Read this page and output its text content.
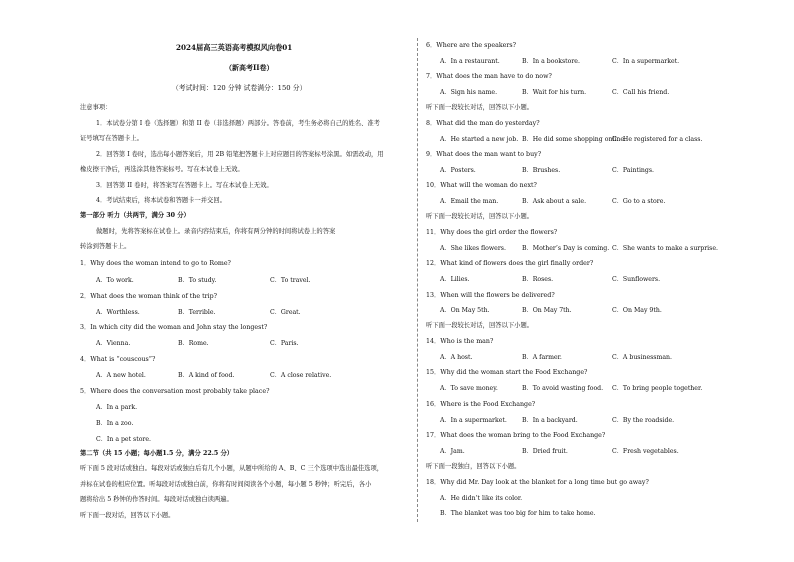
2024届高三英语高考模拟风向卷01
（新高考II卷）
（考试时间：120 分钟 试卷满分：150 分）
注意事项：
1．本试卷分第 I 卷（选择题）和第 II 卷（非选择题）两部分。答卷前，考生务必将自己的姓名、准考
证号填写在答题卡上。
2．回答第 I 卷时，选出每小题答案后，用 2B 铅笔把答题卡上对应题目的答案标号涂黑。如需改动，用
橡皮擦干净后，再选涂其他答案标号。写在本试卷上无效。
3．回答第 II 卷时，将答案写在答题卡上。写在本试卷上无效。
4．考试结束后，将本试卷和答题卡一并交回。
第一部分 听力（共两节，满分 30 分）
做题时，先将答案标在试卷上。录音内容结束后，你将有两分钟的时间将试卷上的答案
转涂到答题卡上。
1．Why does the woman intend to go to Rome?
A．To work.	B．To study.	C．To travel.
2．What does the woman think of the trip?
A．Worthless.	B．Terrible.	C．Great.
3．In which city did the woman and John stay the longest?
A．Vienna.	B．Rome.	C．Paris.
4．What is “couscous”?
A．A new hotel.	B．A kind of food.	C．A close relative.
5．Where does the conversation most probably take place?
A．In a park.
B．In a zoo.
C．In a pet store.
第二节（共 15 小题；每小题1.5 分，满分 22.5 分）
听下面 5 段对话或独白。每段对话或独白后有几个小题，从题中所给的 A、B、C 三个选项中选出最佳选项，
并标在试卷的相应位置。听每段对话或独白前，你将有时间阅读各个小题，每小题 5 秒钟；听完后，各小
题将给出 5 秒钟的作答时间。每段对话或独白读两遍。
听下面一段对话，回答以下小题。
6．Where are the speakers?
A．In a restaurant.	B．In a bookstore.	C．In a supermarket.
7．What does the man have to do now?
A．Sign his name.	B．Wait for his turn.	C．Call his friend.
听下面一段较长对话，回答以下小题。
8．What did the man do yesterday?
A．He started a new job. B．He did some shopping online.
C．He registered for a class.
9．What does the man want to buy?
A．Posters.	B．Brushes.	C．Paintings.
10．What will the woman do next?
A．Email the man.	B．Ask about a sale.	C．Go to a store.
听下面一段较长对话，回答以下小题。
11．Why does the girl order the flowers?
A．She likes flowers.	B．Mother’s Day is coming. C．She wants to make a surprise.
12．What kind of flowers does the girl finally order?
A．Lilies.	B．Roses.	C．Sunflowers.
13．When will the flowers be delivered?
A．On May 5th.	B．On May 7th.	C．On May 9th.
听下面一段较长对话，回答以下小题。
14．Who is the man?
A．A host.	B．A farmer.	C．A businessman.
15．Why did the woman start the Food Exchange?
A．To save money.	B．To avoid wasting food. C．To bring people together.
16．Where is the Food Exchange?
A．In a supermarket. B．In a backyard.	C．By the roadside.
17．What does the woman bring to the Food Exchange?
A．Jam.	B．Dried fruit.	C．Fresh vegetables.
听下面一段独白，回答以下小题。
18．Why did Mr. Day look at the blanket for a long time but go away?
A．He didn’t like its color.
B．The blanket was too big for him to take home.
